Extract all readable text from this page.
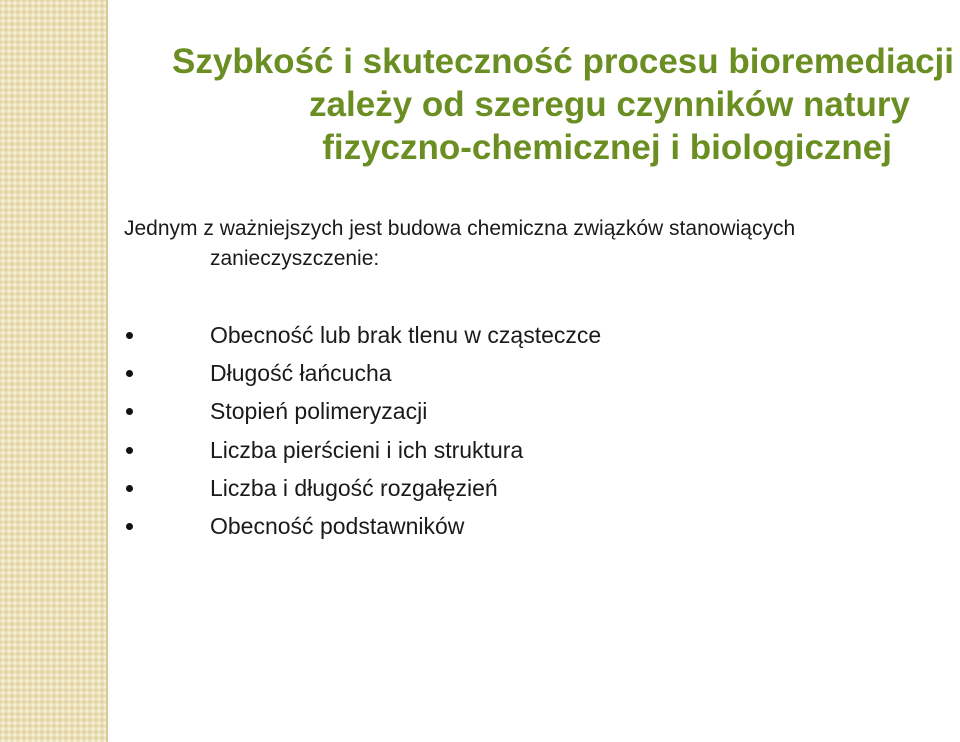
Szybkość i skuteczność procesu bioremediacji
zależy od szeregu czynników natury
fizyczno-chemicznej i biologicznej
Jednym z ważniejszych jest budowa chemiczna związków stanowiących
zanieczyszczenie:
Obecność lub brak tlenu w cząsteczce
Długość łańcucha
Stopień polimeryzacji
Liczba pierścieni i ich struktura
Liczba i długość rozgałęzień
Obecność podstawników
